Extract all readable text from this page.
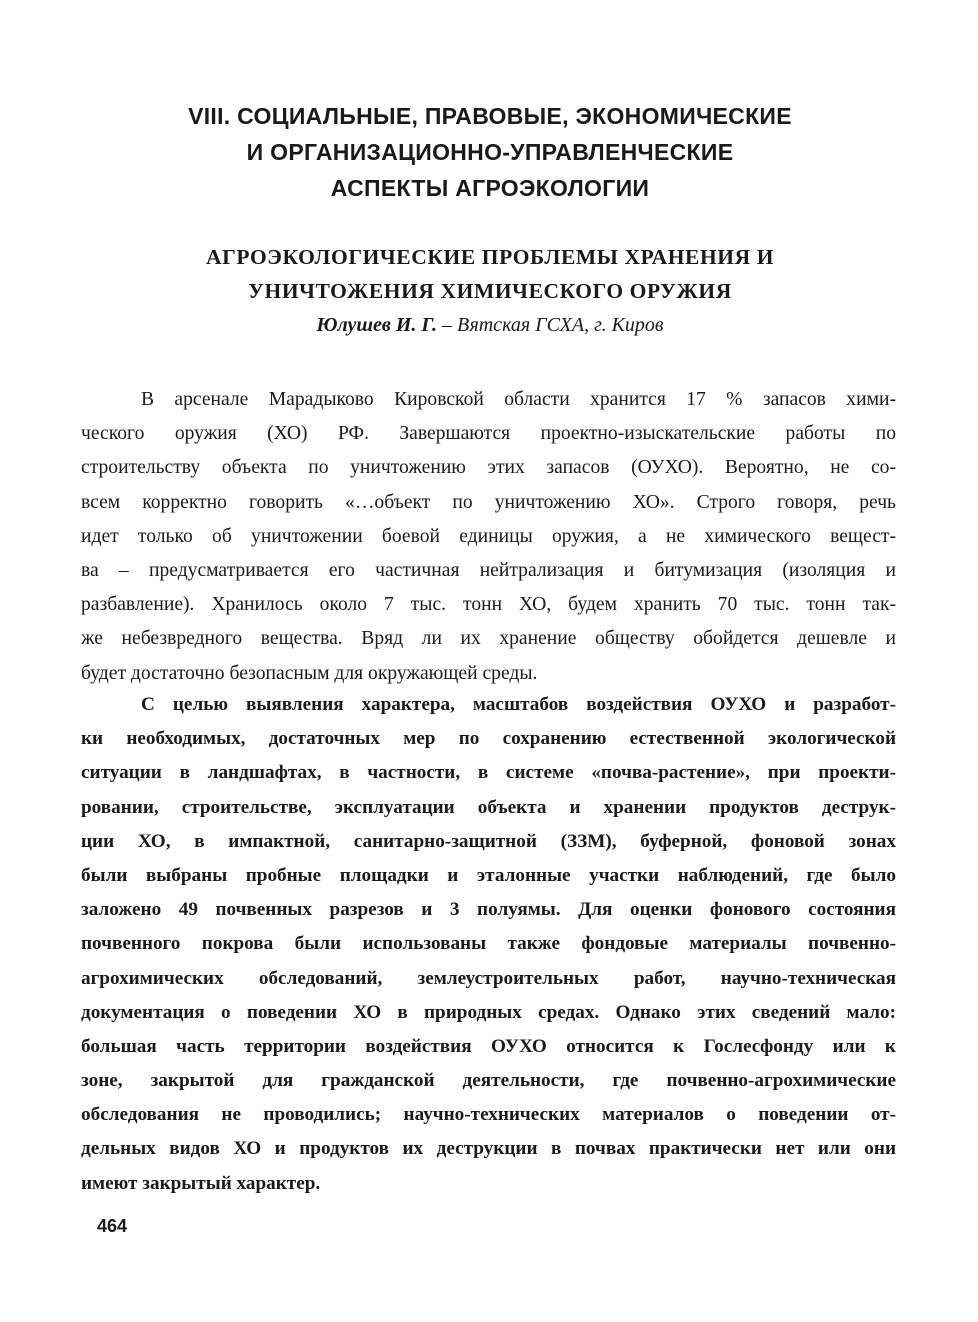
VIII. СОЦИАЛЬНЫЕ, ПРАВОВЫЕ, ЭКОНОМИЧЕСКИЕ
И ОРГАНИЗАЦИОННО-УПРАВЛЕНЧЕСКИЕ
АСПЕКТЫ АГРОЭКОЛОГИИ
АГРОЭКОЛОГИЧЕСКИЕ ПРОБЛЕМЫ ХРАНЕНИЯ И
УНИЧТОЖЕНИЯ ХИМИЧЕСКОГО ОРУЖИЯ
Юлушев И. Г. – Вятская ГСХА, г. Киров
В арсенале Марадыково Кировской области хранится 17 % запасов хими-
ческого оружия (ХО) РФ. Завершаются проектно-изыскательские работы по
строительству объекта по уничтожению этих запасов (ОУХО). Вероятно, не со-
всем корректно говорить «…объект по уничтожению ХО». Строго говоря, речь
идет только об уничтожении боевой единицы оружия, а не химического вещест-
ва – предусматривается его частичная нейтрализация и битумизация (изоляция и
разбавление). Хранилось около 7 тыс. тонн ХО, будем хранить 70 тыс. тонн так-
же небезвредного вещества. Вряд ли их хранение обществу обойдется дешевле и
будет достаточно безопасным для окружающей среды.
С целью выявления характера, масштабов воздействия ОУХО и разработ-
ки необходимых, достаточных мер по сохранению естественной экологической
ситуации в ландшафтах, в частности, в системе «почва-растение», при проекти-
ровании, строительстве, эксплуатации объекта и хранении продуктов деструк-
ции ХО, в импактной, санитарно-защитной (ЗЗМ), буферной, фоновой зонах
были выбраны пробные площадки и эталонные участки наблюдений, где было
заложено 49 почвенных разрезов и 3 полуямы. Для оценки фонового состояния
почвенного покрова были использованы также фондовые материалы почвенно-
агрохимических обследований, землеустроительных работ, научно-техническая
документация о поведении ХО в природных средах. Однако этих сведений мало:
большая часть территории воздействия ОУХО относится к Гослесфонду или к
зоне, закрытой для гражданской деятельности, где почвенно-агрохимические
обследования не проводились; научно-технических материалов о поведении от-
дельных видов ХО и продуктов их деструкции в почвах практически нет или они
имеют закрытый характер.
464
